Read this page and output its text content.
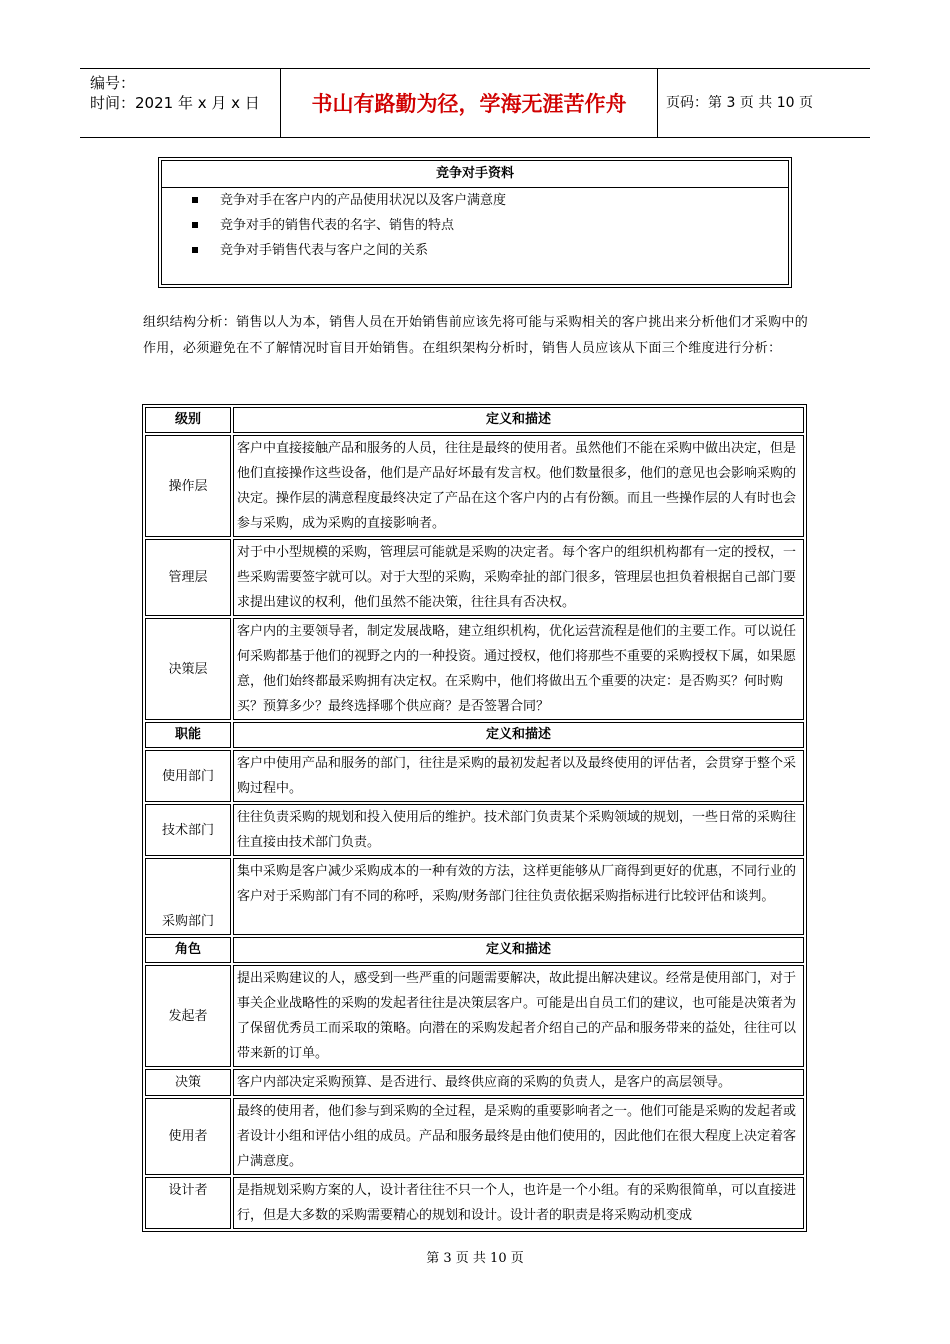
编号：
时间：2021 年 x 月 x 日	书山有路勤为径，学海无涯苦作舟	页码：第 3 页 共 10 页
竞争对手资料
竞争对手在客户内的产品使用状况以及客户满意度
竞争对手的销售代表的名字、销售的特点
竞争对手销售代表与客户之间的关系
组织结构分析：销售以人为本，销售人员在开始销售前应该先将可能与采购相关的客户挑出来分析他们才采购中的作用，必须避免在不了解情况时盲目开始销售。在组织架构分析时，销售人员应该从下面三个维度进行分析：
级别	定义和描述
操作层	客户中直接接触产品和服务的人员，往往是最终的使用者。虽然他们不能在采购中做出决定，但是他们直接操作这些设备，他们是产品好坏最有发言权。他们数量很多，他们的意见也会影响采购的决定。操作层的满意程度最终决定了产品在这个客户内的占有份额。而且一些操作层的人有时也会参与采购，成为采购的直接影响者。
管理层	对于中小型规模的采购，管理层可能就是采购的决定者。每个客户的组织机构都有一定的授权，一些采购需要签字就可以。对于大型的采购，采购牵扯的部门很多，管理层也担负着根据自己部门要求提出建议的权利，他们虽然不能决策，往往具有否决权。
决策层	客户内的主要领导者，制定发展战略，建立组织机构，优化运营流程是他们的主要工作。可以说任何采购都基于他们的视野之内的一种投资。通过授权，他们将那些不重要的采购授权下属，如果愿意，他们始终都最采购拥有决定权。在采购中，他们将做出五个重要的决定：是否购买？何时购买？预算多少？最终选择哪个供应商？是否签署合同？
职能	定义和描述
使用部门	客户中使用产品和服务的部门，往往是采购的最初发起者以及最终使用的评估者，会贯穿于整个采购过程中。
技术部门	往往负责采购的规划和投入使用后的维护。技术部门负责某个采购领域的规划，一些日常的采购往往直接由技术部门负责。
采购部门	集中采购是客户减少采购成本的一种有效的方法，这样更能够从厂商得到更好的优惠，不同行业的客户对于采购部门有不同的称呼，采购/财务部门往往负责依据采购指标进行比较评估和谈判。
角色	定义和描述
发起者	提出采购建议的人，感受到一些严重的问题需要解决，故此提出解决建议。经常是使用部门，对于事关企业战略性的采购的发起者往往是决策层客户。可能是出自员工们的建议，也可能是决策者为了保留优秀员工而采取的策略。向潜在的采购发起者介绍自己的产品和服务带来的益处，往往可以带来新的订单。
决策	客户内部决定采购预算、是否进行、最终供应商的采购的负责人，是客户的高层领导。
使用者	最终的使用者，他们参与到采购的全过程，是采购的重要影响者之一。他们可能是采购的发起者或者设计小组和评估小组的成员。产品和服务最终是由他们使用的，因此他们在很大程度上决定着客户满意度。
设计者	是指规划采购方案的人，设计者往往不只一个人，也许是一个小组。有的采购很简单，可以直接进行，但是大多数的采购需要精心的规划和设计。设计者的职责是将采购动机变成
第 3 页 共 10 页
